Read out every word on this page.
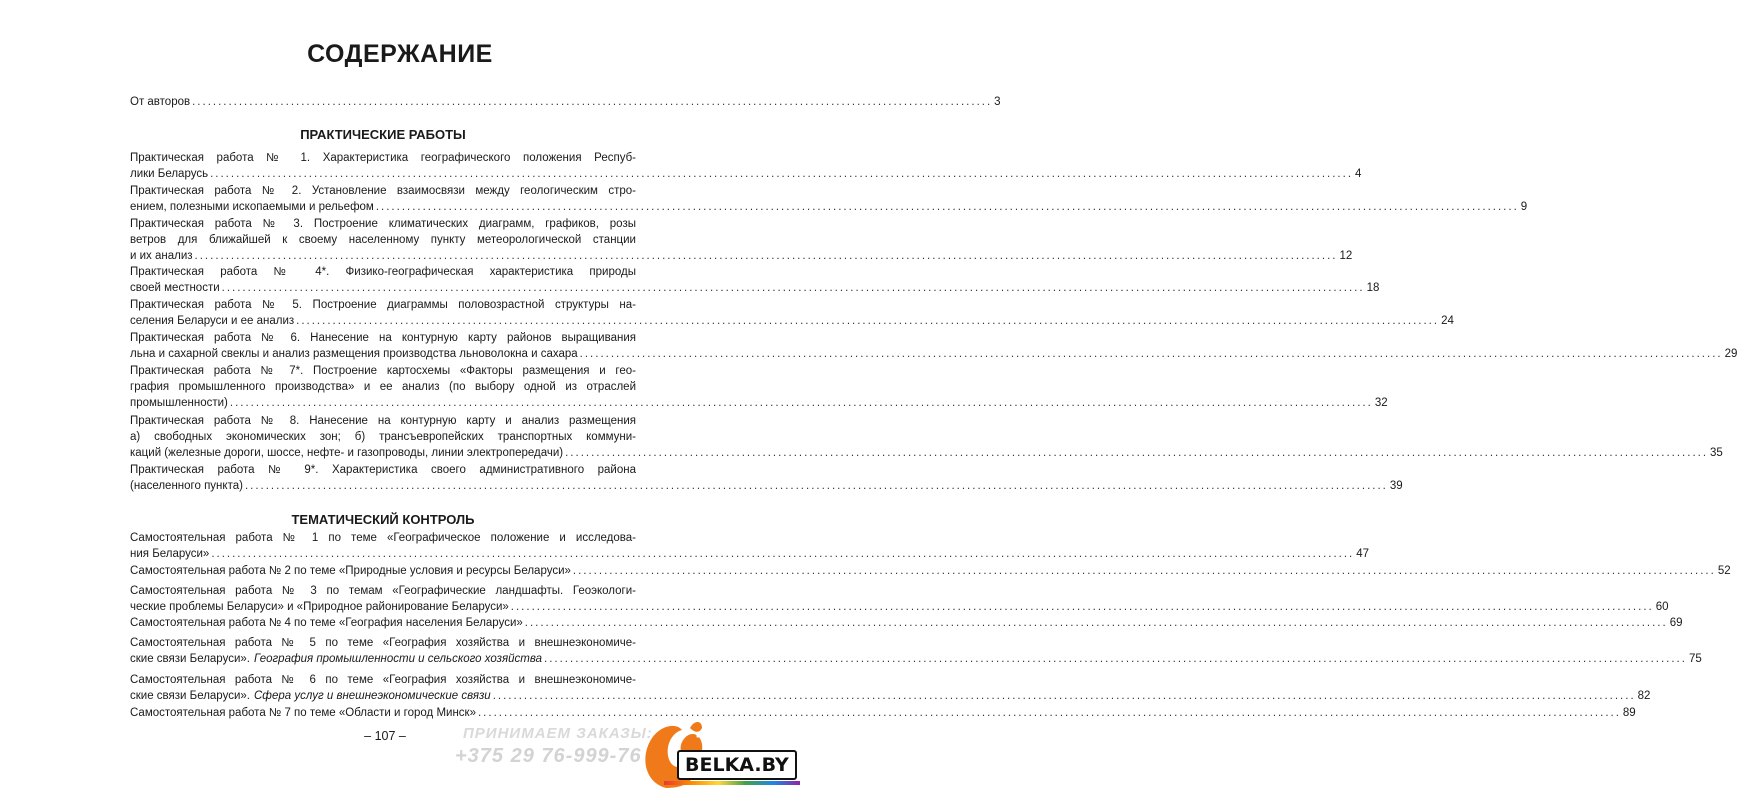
СОДЕРЖАНИЕ
От авторов .......................................................................................................................................................... 3
ПРАКТИЧЕСКИЕ РАБОТЫ
Практическая работа № 1. Характеристика географического положения Респуб-
лики Беларусь ............................................................................................................................................................................................................................ 4
Практическая работа № 2. Установление взаимосвязи между геологическим стро-
ением, полезными ископаемыми и рельефом ............................................................................................................................................................................................................................ 9
Практическая работа № 3. Построение климатических диаграмм, графиков, розы
ветров для ближайшей к своему населенному пункту метеорологической станции
и их анализ ............................................................................................................................................................................................................................ 12
Практическая работа № 4*. Физико-географическая характеристика природы
своей местности ............................................................................................................................................................................................................................ 18
Практическая работа № 5. Построение диаграммы половозрастной структуры на-
селения Беларуси и ее анализ ............................................................................................................................................................................................................................ 24
Практическая работа № 6. Нанесение на контурную карту районов выращивания
льна и сахарной свеклы и анализ размещения производства льноволокна и сахара ............................................................................................................................................................................................................................ 29
Практическая работа № 7*. Построение картосхемы «Факторы размещения и гео-
графия промышленного производства» и ее анализ (по выбору одной из отраслей
промышленности) ............................................................................................................................................................................................................................ 32
Практическая работа № 8. Нанесение на контурную карту и анализ размещения
а) свободных экономических зон; б) трансъевропейских транспортных коммуни-
каций (железные дороги, шоссе, нефте- и газопроводы, линии электропередачи) ............................................................................................................................................................................................................................ 35
Практическая работа № 9*. Характеристика своего административного района
(населенного пункта) ............................................................................................................................................................................................................................ 39
ТЕМАТИЧЕСКИЙ КОНТРОЛЬ
Самостоятельная работа № 1 по теме «Географическое положение и исследова-
ния Беларуси» ............................................................................................................................................................................................................................ 47
Самостоятельная работа № 2 по теме «Природные условия и ресурсы Беларуси» ............................................................................................................................................................................................................................ 52
Самостоятельная работа № 3 по темам «Географические ландшафты. Геоэкологи-
ческие проблемы Беларуси» и «Природное районирование Беларуси» ............................................................................................................................................................................................................................ 60
Самостоятельная работа № 4 по теме «География населения Беларуси» ............................................................................................................................................................................................................................ 69
Самостоятельная работа № 5 по теме «География хозяйства и внешнеэкономиче-
ские связи Беларуси». География промышленности и сельского хозяйства ............................................................................................................................................................................................................................ 75
Самостоятельная работа № 6 по теме «География хозяйства и внешнеэкономиче-
ские связи Беларуси». Сфера услуг и внешнеэкономические связи ............................................................................................................................................................................................................................ 82
Самостоятельная работа № 7 по теме «Области и город Минск» ............................................................................................................................................................................................................................ 89
– 107 –	ПРИНИМАЕМ ЗАКАЗЫ:
+375 29 76-999-76	BELKA.BY
